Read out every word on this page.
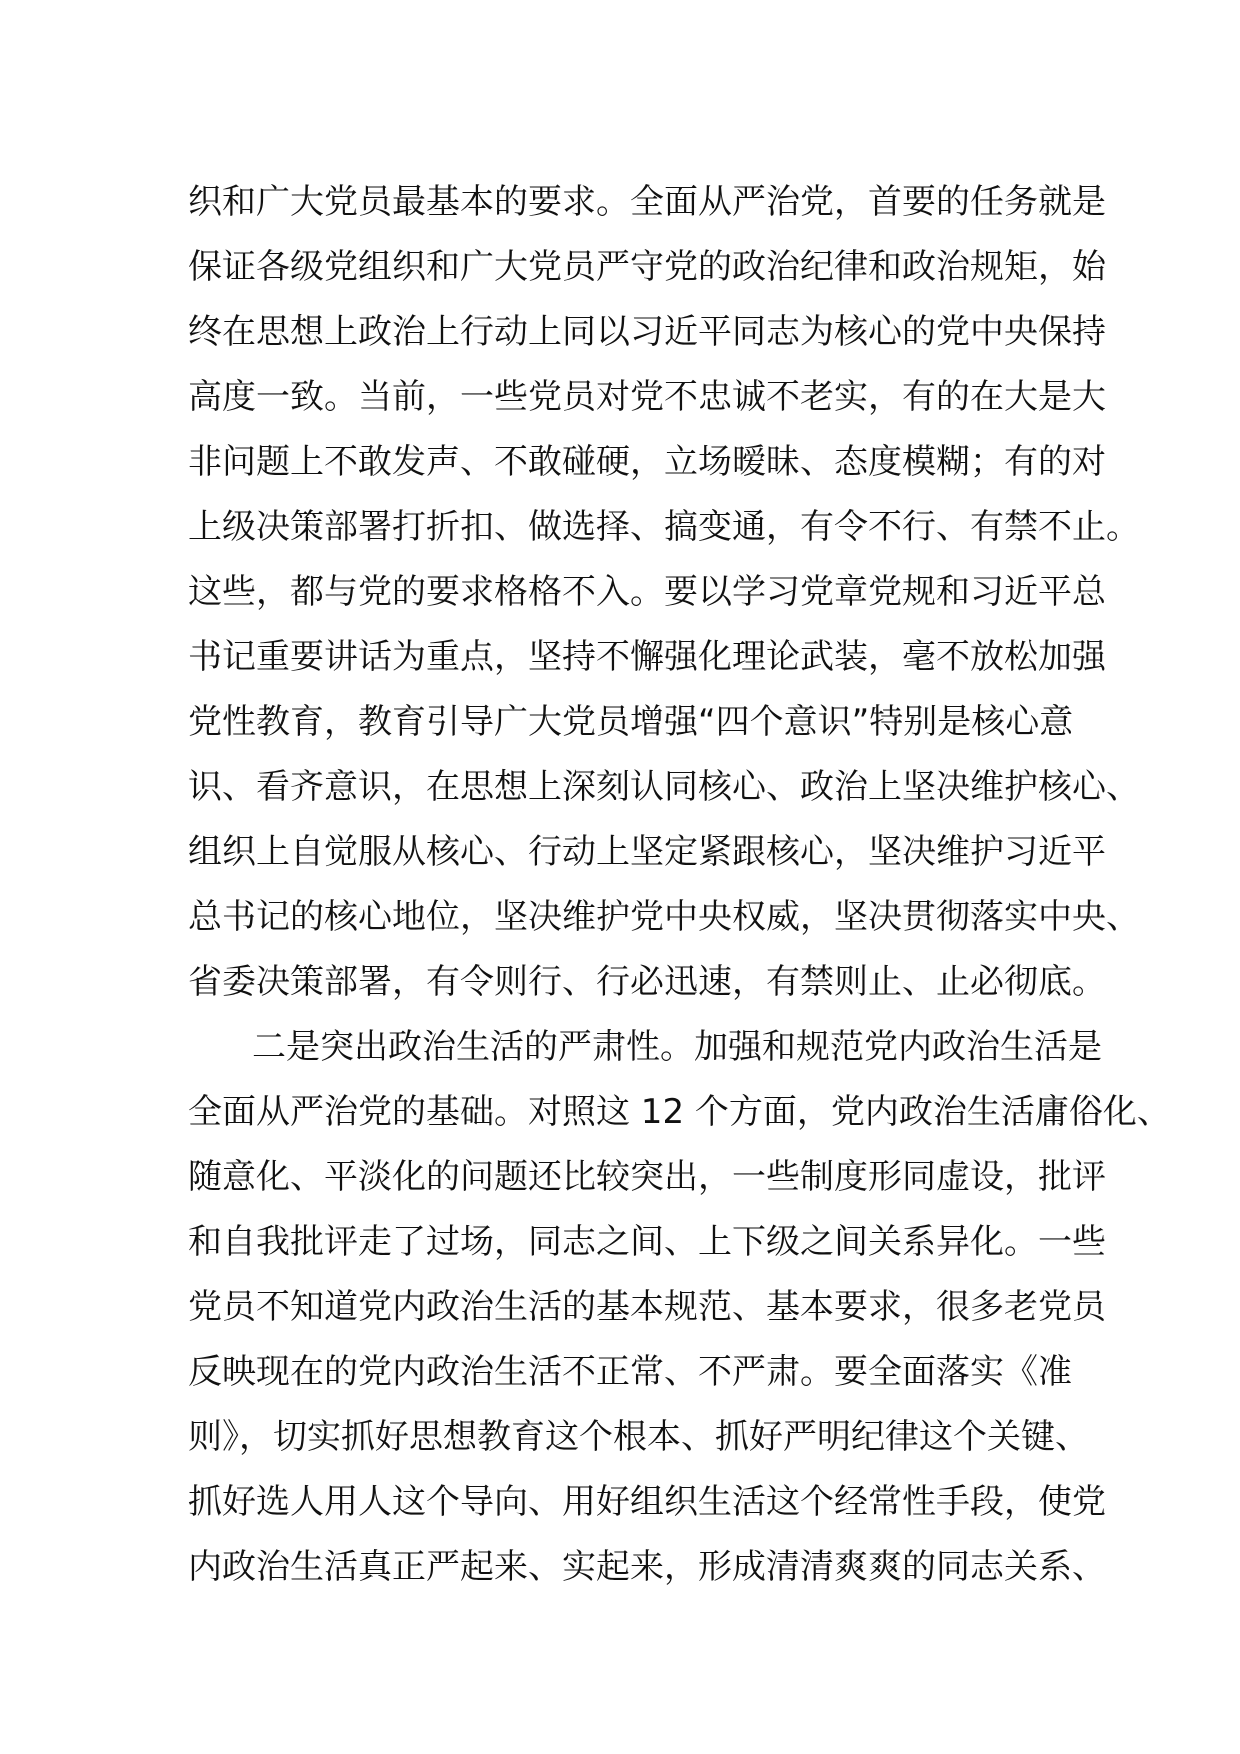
织和广大党员最基本的要求。全面从严治党，首要的任务就是
保证各级党组织和广大党员严守党的政治纪律和政治规矩，始
终在思想上政治上行动上同以习近平同志为核心的党中央保持
高度一致。当前，一些党员对党不忠诚不老实，有的在大是大
非问题上不敢发声、不敢碰硬，立场暧昧、态度模糊；有的对
上级决策部署打折扣、做选择、搞变通，有令不行、有禁不止。
这些，都与党的要求格格不入。要以学习党章党规和习近平总
书记重要讲话为重点，坚持不懈强化理论武装，毫不放松加强
党性教育，教育引导广大党员增强“四个意识”特别是核心意
识、看齐意识，在思想上深刻认同核心、政治上坚决维护核心、
组织上自觉服从核心、行动上坚定紧跟核心，坚决维护习近平
总书记的核心地位，坚决维护党中央权威，坚决贯彻落实中央、
省委决策部署，有令则行、行必迅速，有禁则止、止必彻底。
二是突出政治生活的严肃性。加强和规范党内政治生活是
全面从严治党的基础。对照这 12 个方面，党内政治生活庸俗化、
随意化、平淡化的问题还比较突出，一些制度形同虚设，批评
和自我批评走了过场，同志之间、上下级之间关系异化。一些
党员不知道党内政治生活的基本规范、基本要求，很多老党员
反映现在的党内政治生活不正常、不严肃。要全面落实《准
则》，切实抓好思想教育这个根本、抓好严明纪律这个关键、
抓好选人用人这个导向、用好组织生活这个经常性手段，使党
内政治生活真正严起来、实起来，形成清清爽爽的同志关系、
